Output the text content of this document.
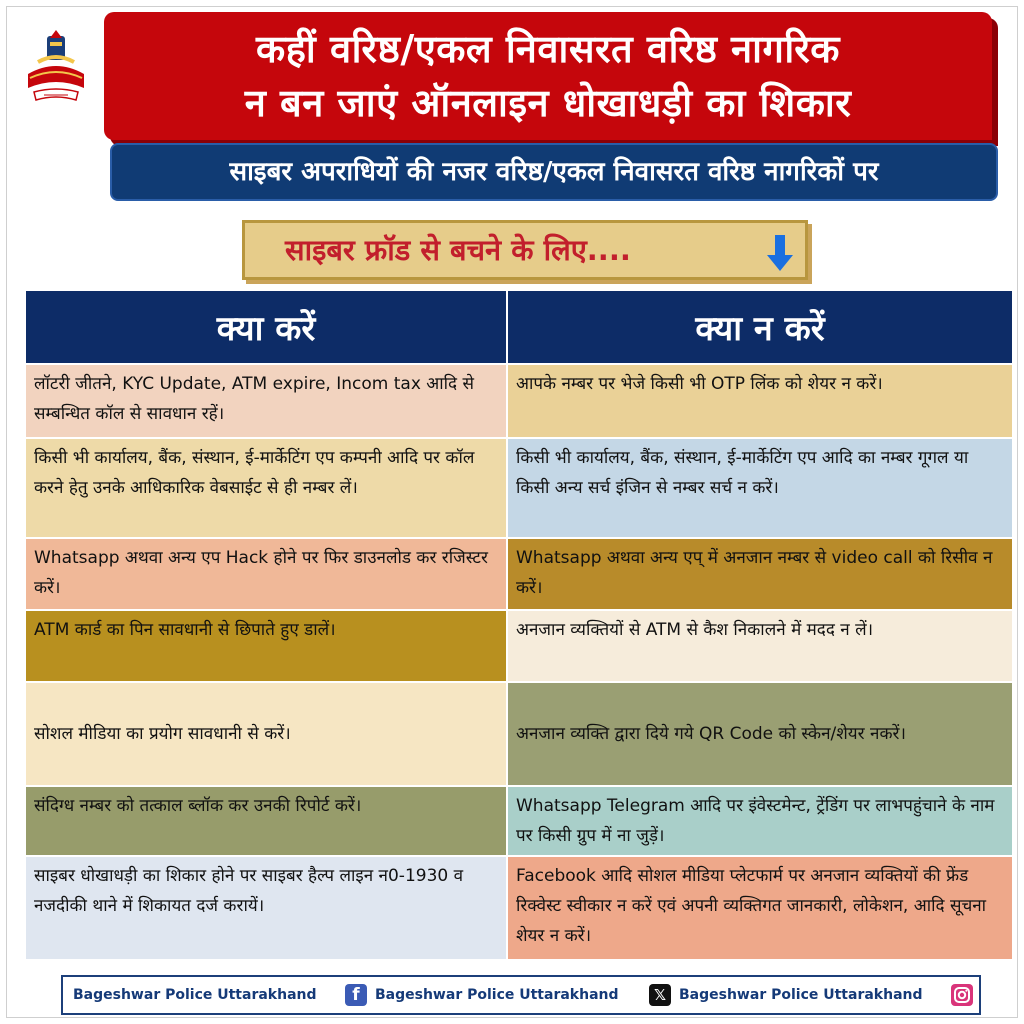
कहीं वरिष्ठ/एकल निवासरत वरिष्ठ नागरिक
न बन जाएं ऑनलाइन धोखाधड़ी का शिकार
साइबर अपराधियों की नजर वरिष्ठ/एकल निवासरत वरिष्ठ नागरिकों पर
साइबर फ्रॉड से बचने के लिए....
क्या करें	क्या न करें
लॉटरी जीतने, KYC Update, ATM expire, Incom tax आदि से सम्बन्धित कॉल से सावधान रहें।	आपके नम्बर पर भेजे किसी भी OTP लिंक को शेयर न करें।
किसी भी कार्यालय, बैंक, संस्थान, ई-मार्केटिंग एप कम्पनी आदि पर कॉल करने हेतु उनके आधिकारिक वेबसाईट से ही नम्बर लें।	किसी भी कार्यालय, बैंक, संस्थान, ई-मार्केटिंग एप आदि का नम्बर गूगल या किसी अन्य सर्च इंजिन से नम्बर सर्च न करें।
Whatsapp अथवा अन्य एप Hack होने पर फिर डाउनलोड कर रजिस्टर करें।	Whatsapp अथवा अन्य एप् में अनजान नम्बर से video call को रिसीव न करें।
ATM कार्ड का पिन सावधानी से छिपाते हुए डालें।	अनजान व्यक्तियों से ATM से कैश निकालने में मदद न लें।
सोशल मीडिया का प्रयोग सावधानी से करें।	अनजान व्यक्ति द्वारा दिये गये QR Code को स्केन/शेयर नकरें।
संदिग्ध नम्बर को तत्काल ब्लॉक कर उनकी रिपोर्ट करें।	Whatsapp Telegram आदि पर इंवेस्टमेन्ट, ट्रेंडिंग पर लाभपहुंचाने के नाम पर किसी ग्रुप में ना जुड़ें।
साइबर धोखाधड़ी का शिकार होने पर साइबर हैल्प लाइन न0-1930 व नजदीकी थाने में शिकायत दर्ज करायें।	Facebook आदि सोशल मीडिया प्लेटफार्म पर अनजान व्यक्तियों की फ्रेंड रिक्वेस्ट स्वीकार न करें एवं अपनी व्यक्तिगत जानकारी, लोकेशन, आदि सूचना शेयर न करें।
Bageshwar Police Uttarakhand	f	Bageshwar Police Uttarakhand	𝕏 Bageshwar Police Uttarakhand
